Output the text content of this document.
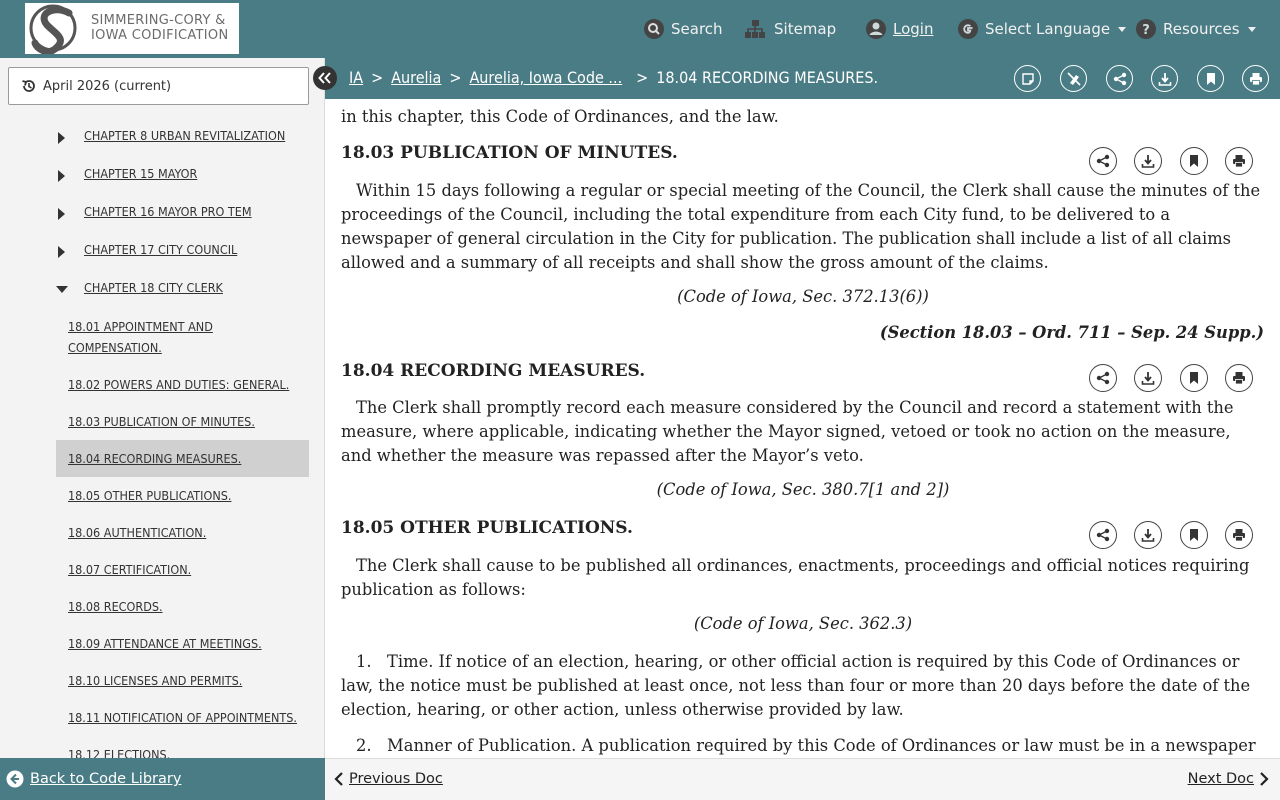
SIMMERING-CORY &
IOWA CODIFICATION	Search	Sitemap	Login	Select Language ? Resources
April 2026 (current)
CHAPTER 8 URBAN REVITALIZATION
CHAPTER 15 MAYOR
CHAPTER 16 MAYOR PRO TEM
CHAPTER 17 CITY COUNCIL
CHAPTER 18 CITY CLERK
18.01 APPOINTMENT AND COMPENSATION.
18.02 POWERS AND DUTIES: GENERAL.
18.03 PUBLICATION OF MINUTES.
18.04 RECORDING MEASURES.
18.05 OTHER PUBLICATIONS.
18.06 AUTHENTICATION.
18.07 CERTIFICATION.
18.08 RECORDS.
18.09 ATTENDANCE AT MEETINGS.
18.10 LICENSES AND PERMITS.
18.11 NOTIFICATION OF APPOINTMENTS.
18.12 ELECTIONS.
IA > Aurelia > Aurelia, Iowa Code ... > 18.04 RECORDING MEASURES.
in this chapter, this Code of Ordinances, and the law.
18.03 PUBLICATION OF MINUTES.
Within 15 days following a regular or special meeting of the Council, the Clerk shall cause the minutes of the proceedings of the Council, including the total expenditure from each City fund, to be delivered to a newspaper of general circulation in the City for publication. The publication shall include a list of all claims allowed and a summary of all receipts and shall show the gross amount of the claims.
(Code of Iowa, Sec. 372.13(6))
(Section 18.03 – Ord. 711 – Sep. 24 Supp.)
18.04 RECORDING MEASURES.
The Clerk shall promptly record each measure considered by the Council and record a statement with the measure, where applicable, indicating whether the Mayor signed, vetoed or took no action on the measure, and whether the measure was repassed after the Mayor’s veto.
(Code of Iowa, Sec. 380.7[1 and 2])
18.05 OTHER PUBLICATIONS.
The Clerk shall cause to be published all ordinances, enactments, proceedings and official notices requiring publication as follows:
(Code of Iowa, Sec. 362.3)
1.   Time. If notice of an election, hearing, or other official action is required by this Code of Ordinances or law, the notice must be published at least once, not less than four or more than 20 days before the date of the election, hearing, or other action, unless otherwise provided by law.
2.   Manner of Publication. A publication required by this Code of Ordinances or law must be in a newspaper
Back to Code Library	Previous Doc	Next Doc
